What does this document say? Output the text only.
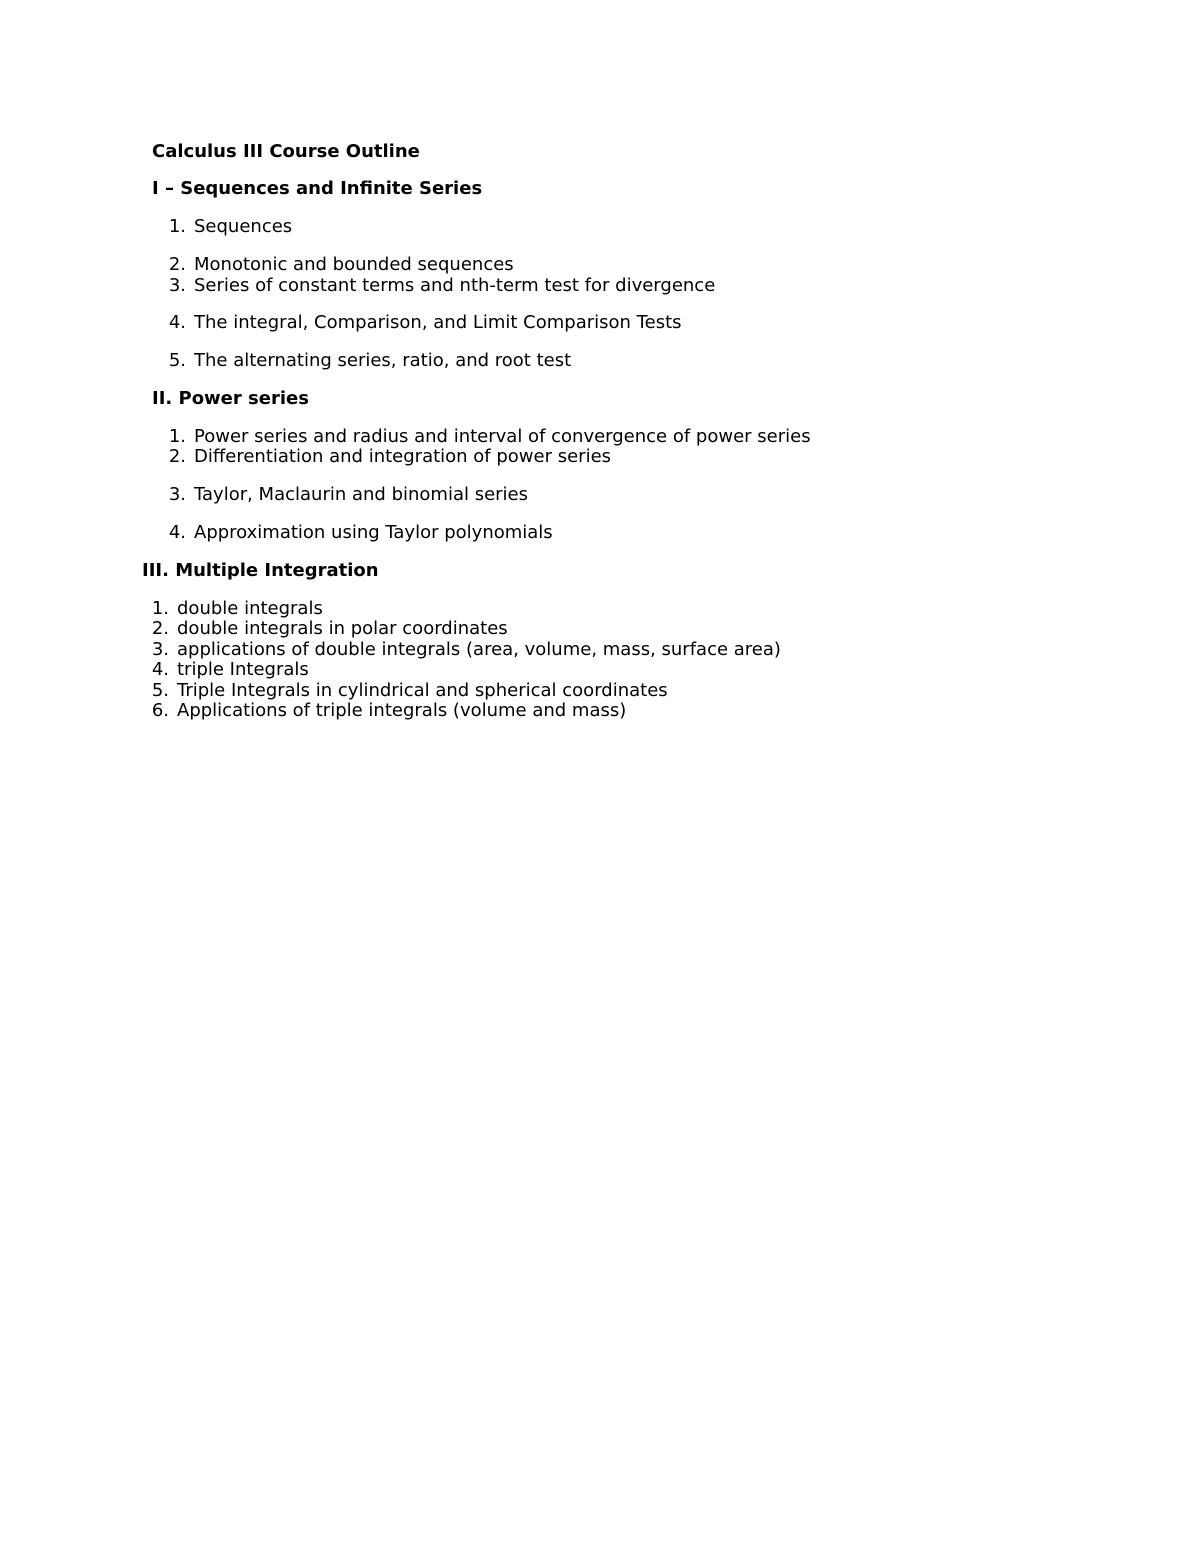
Calculus III Course Outline
I – Sequences and Infinite Series
1. Sequences
2. Monotonic and bounded sequences
3. Series of constant terms and nth-term test for divergence
4. The integral, Comparison, and Limit Comparison Tests
5. The alternating series, ratio, and root test
II. Power series
1. Power series and radius and interval of convergence of power series
2. Differentiation and integration of power series
3. Taylor, Maclaurin and binomial series
4. Approximation using Taylor polynomials
III. Multiple Integration
1. double integrals
2. double integrals in polar coordinates
3. applications of double integrals (area, volume, mass, surface area)
4. triple Integrals
5. Triple Integrals in cylindrical and spherical coordinates
6. Applications of triple integrals (volume and mass)
